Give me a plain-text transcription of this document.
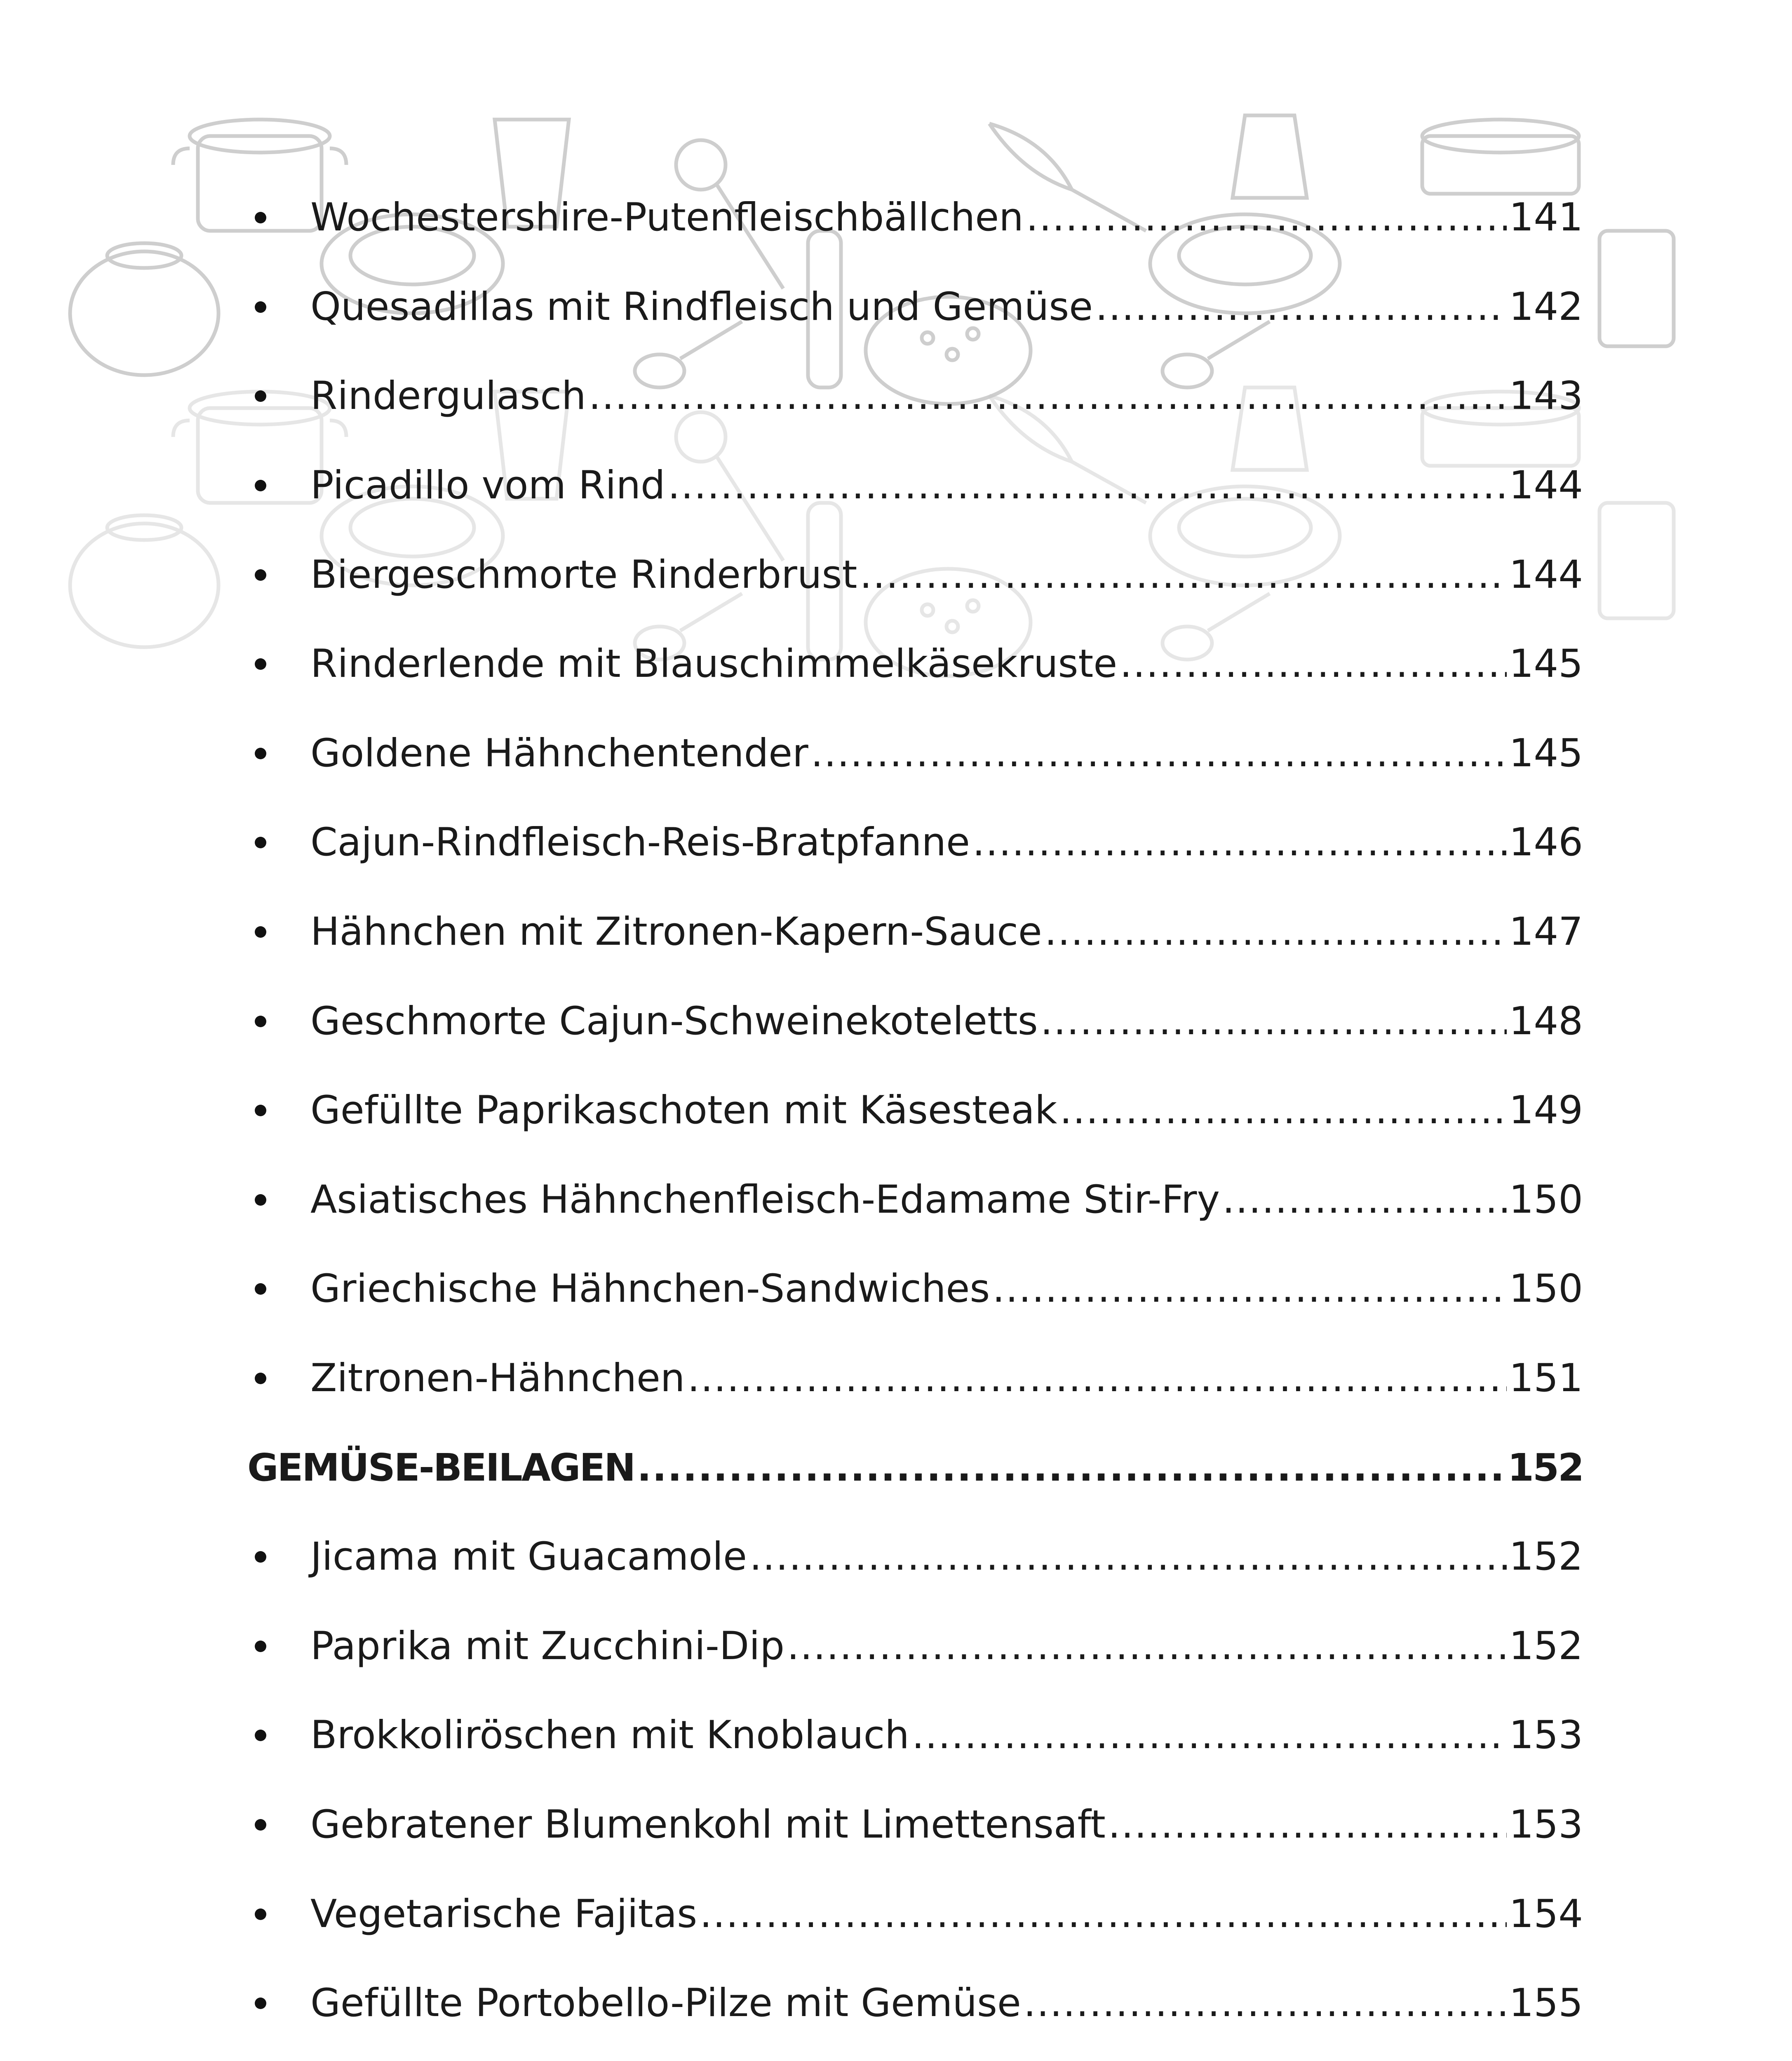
Wochestershire-Putenfleischbällchen .....	141
Quesadillas mit Rindfleisch und Gemüse .....	142
Rindergulasch .....	143
Picadillo vom Rind .....	144
Biergeschmorte Rinderbrust .....	144
Rinderlende mit Blauschimmelkäsekruste .....	145
Goldene Hähnchentender .....	145
Cajun-Rindfleisch-Reis-Bratpfanne .....	146
Hähnchen mit Zitronen-Kapern-Sauce .....	147
Geschmorte Cajun-Schweinekoteletts .....	148
Gefüllte Paprikaschoten mit Käsesteak .....	149
Asiatisches Hähnchenfleisch-Edamame Stir-Fry .....	150
Griechische Hähnchen-Sandwiches .....	150
Zitronen-Hähnchen .....	151
GEMÜSE-BEILAGEN .....	152
Jicama mit Guacamole .....	152
Paprika mit Zucchini-Dip .....	152
Brokkoliröschen mit Knoblauch .....	153
Gebratener Blumenkohl mit Limettensaft .....	153
Vegetarische Fajitas .....	154
Gefüllte Portobello-Pilze mit Gemüse .....	155
